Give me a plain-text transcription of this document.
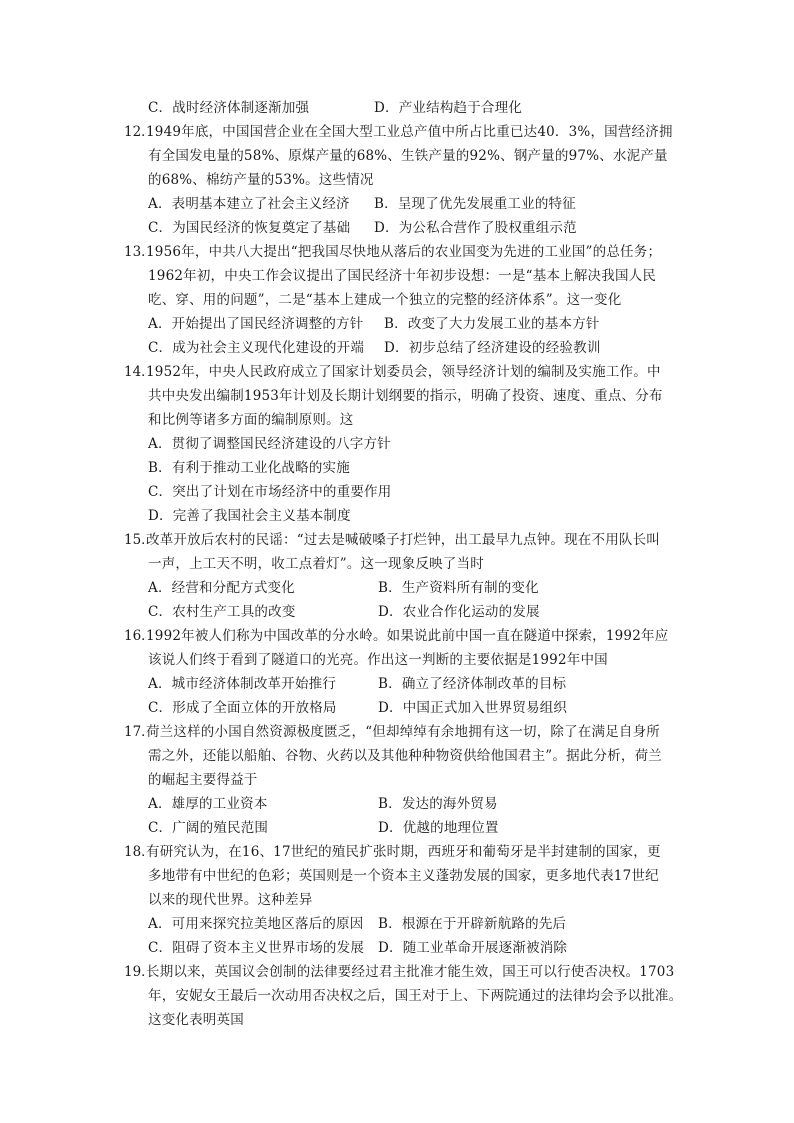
C．战时经济体制逐渐加强	D．产业结构趋于合理化
12．
1949年底，中国国营企业在全国大型工业总产值中所占比重已达40．3%，国营经济拥
有全国发电量的58%、原煤产量的68%、生铁产量的92%、钢产量的97%、水泥产量
的68%、棉纺产量的53%。这些情况
A．表明基本建立了社会主义经济 B．呈现了优先发展重工业的特征
C．为国民经济的恢复奠定了基础 D．为公私合营作了股权重组示范
13．
1956年，中共八大提出“把我国尽快地从落后的农业国变为先进的工业国”的总任务；
1962年初，中央工作会议提出了国民经济十年初步设想：一是“基本上解决我国人民
吃、穿、用的问题”，二是“基本上建成一个独立的完整的经济体系”。这一变化
A．开始提出了国民经济调整的方针 B．改变了大力发展工业的基本方针
C．成为社会主义现代化建设的开端 D．初步总结了经济建设的经验教训
14．
1952年，中央人民政府成立了国家计划委员会，领导经济计划的编制及实施工作。中
共中央发出编制1953年计划及长期计划纲要的指示，明确了投资、速度、重点、分布
和比例等诸多方面的编制原则。这
A．贯彻了调整国民经济建设的八字方针
B．有利于推动工业化战略的实施
C．突出了计划在市场经济中的重要作用
D．完善了我国社会主义基本制度
15．
改革开放后农村的民谣：“过去是喊破嗓子打烂钟，出工最早九点钟。现在不用队长叫
一声，上工天不明，收工点着灯”。这一现象反映了当时
A．经营和分配方式变化	B．生产资料所有制的变化
C．农村生产工具的改变	D．农业合作化运动的发展
16．
1992年被人们称为中国改革的分水岭。如果说此前中国一直在隧道中探索，1992年应
该说人们终于看到了隧道口的光亮。作出这一判断的主要依据是1992年中国
A．城市经济体制改革开始推行	B．确立了经济体制改革的目标
C．形成了全面立体的开放格局	D．中国正式加入世界贸易组织
17．
荷兰这样的小国自然资源极度匮乏，“但却绰绰有余地拥有这一切，除了在满足自身所
需之外，还能以船舶、谷物、火药以及其他种种物资供给他国君主”。据此分析，荷兰
的崛起主要得益于
A．雄厚的工业资本	B．发达的海外贸易
C．广阔的殖民范围	D．优越的地理位置
18．
有研究认为，在16、17世纪的殖民扩张时期，西班牙和葡萄牙是半封建制的国家，更
多地带有中世纪的色彩；英国则是一个资本主义蓬勃发展的国家，更多地代表17世纪
以来的现代世界。这种差异
A．可用来探究拉美地区落后的原因 B．根源在于开辟新航路的先后
C．阻碍了资本主义世界市场的发展 D．随工业革命开展逐渐被消除
19．
长期以来，英国议会创制的法律要经过君主批准才能生效，国王可以行使否决权。1703
年，安妮女王最后一次动用否决权之后，国王对于上、下两院通过的法律均会予以批准。
这变化表明英国
